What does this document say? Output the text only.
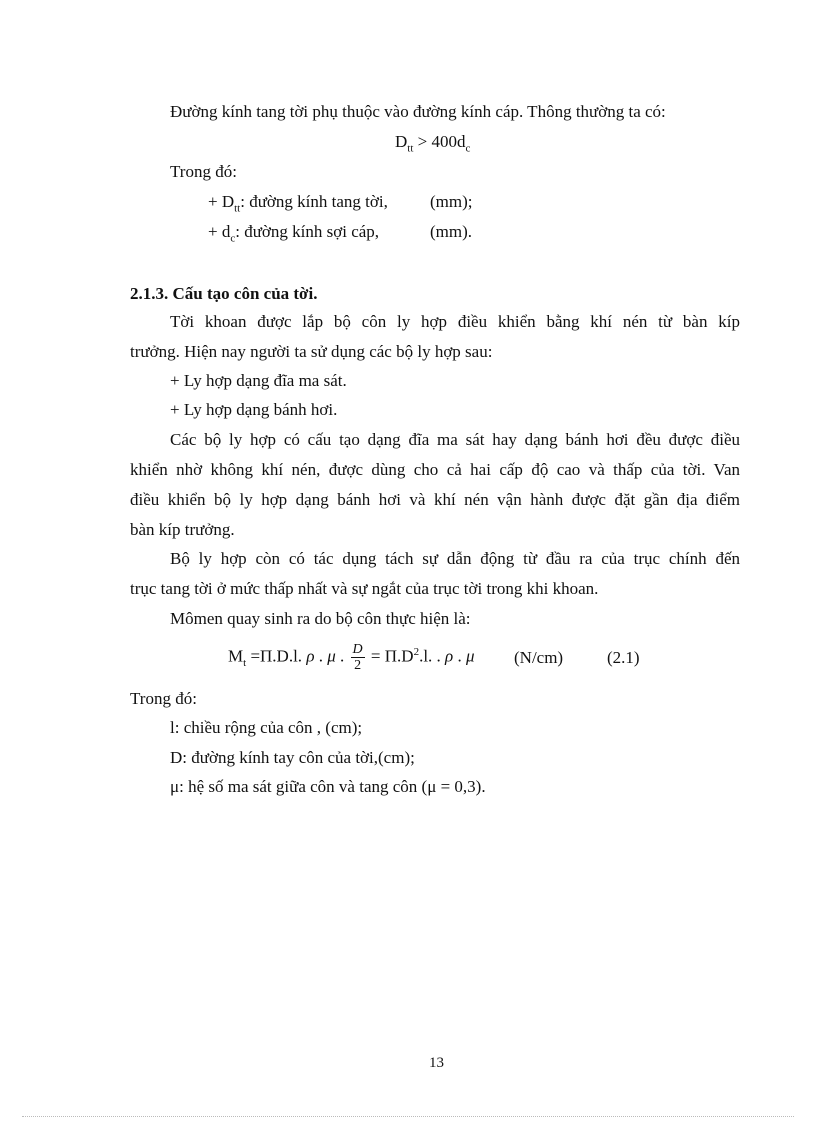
Đường kính tang tời phụ thuộc vào đường kính cáp. Thông thường ta có:
$D_{tt} > 400d_c$
Trong đó:
+ $D_{tt}$: đường kính tang tời, (mm);
+ $d_c$: đường kính sợi cáp,	(mm).
2.1.3. Cấu tạo côn của tời.
Tời khoan được lắp bộ côn ly hợp điều khiển bằng khí nén từ bàn kíp
trưởng. Hiện nay người ta sử dụng các bộ ly hợp sau:
+ Ly hợp dạng đĩa ma sát.
+ Ly hợp dạng bánh hơi.
Các bộ ly hợp có cấu tạo dạng đĩa ma sát hay dạng bánh hơi đều được điều
khiển nhờ không khí nén, được dùng cho cả hai cấp độ cao và thấp của tời. Van
điều khiển bộ ly hợp dạng bánh hơi và khí nén vận hành được đặt gần địa điểm
bàn kíp trưởng.
Bộ ly hợp còn có tác dụng tách sự dẫn động từ đầu ra của trục chính đến
trục tang tời ở mức thấp nhất và sự ngắt của trục tời trong khi khoan.
Mômen quay sinh ra do bộ côn thực hiện là:
$M_t =\Pi.D.l$. ρ . μ . $\frac{D}{2} = \Pi.D^2.l$. . ρ . μ (N/cm)	(2.1)
Trong đó:
l: chiều rộng của côn , (cm);
D: đường kính tay côn của tời,(cm);
μ: hệ số ma sát giữa côn và tang côn (μ = 0,3).
13
